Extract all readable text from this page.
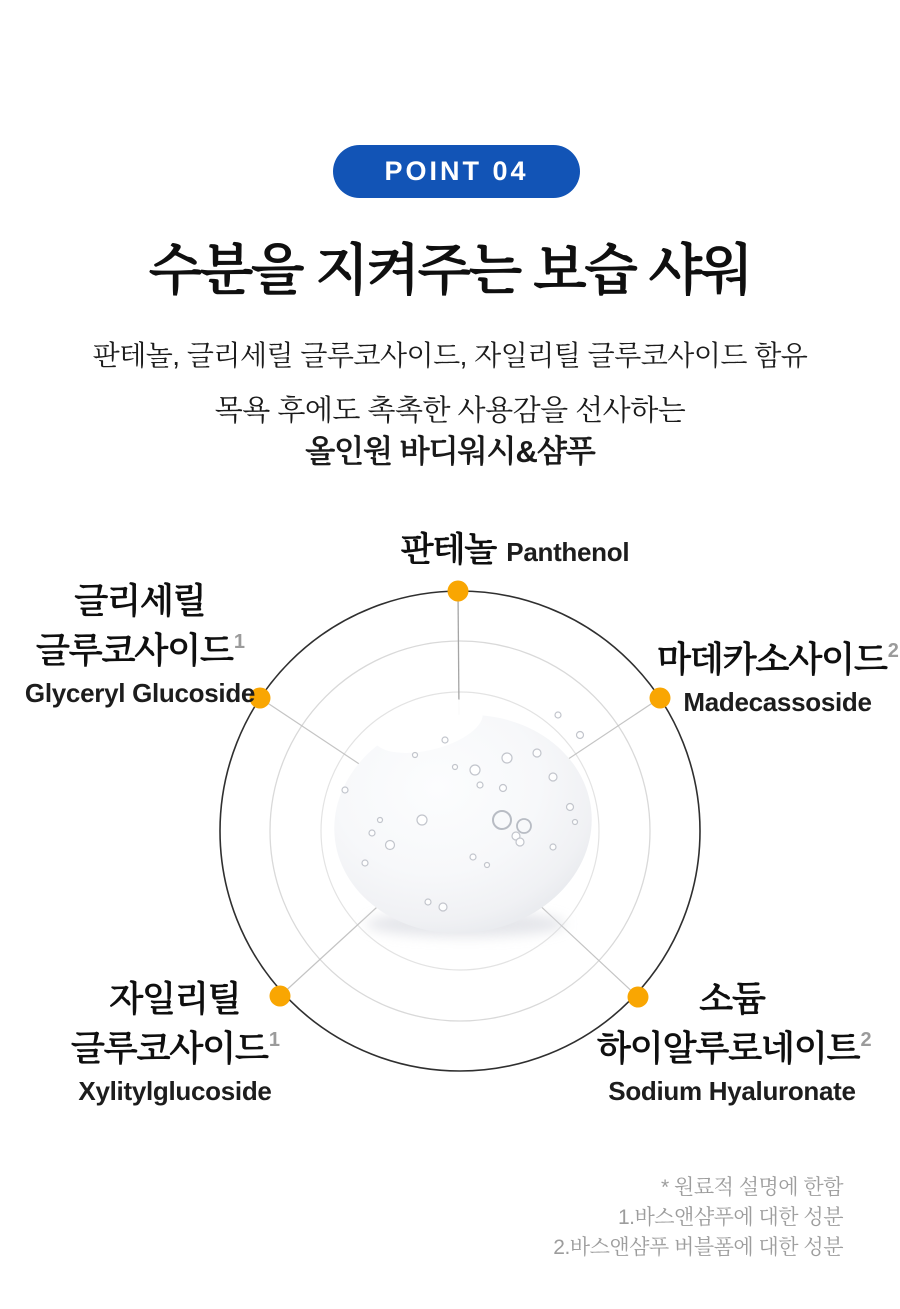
POINT 04
수분을 지켜주는 보습 샤워

판테놀, 글리세릴 글루코사이드, 자일리틸 글루코사이드 함유

목욕 후에도 촉촉한 사용감을 선사하는
올인원 바디워시&샴푸
판테놀 Panthenol
글리세릴
글루코사이드$^1$
Glyceryl Glucoside
마데카소사이드$^2$
Madecassoside
자일리틸
글루코사이드$^1$
Xylitylglucoside
소듐
하이알루로네이트$^2$
Sodium Hyaluronate
* 원료적 설명에 한함
1.바스앤샴푸에 대한 성분
2.바스앤샴푸 버블폼에 대한 성분
